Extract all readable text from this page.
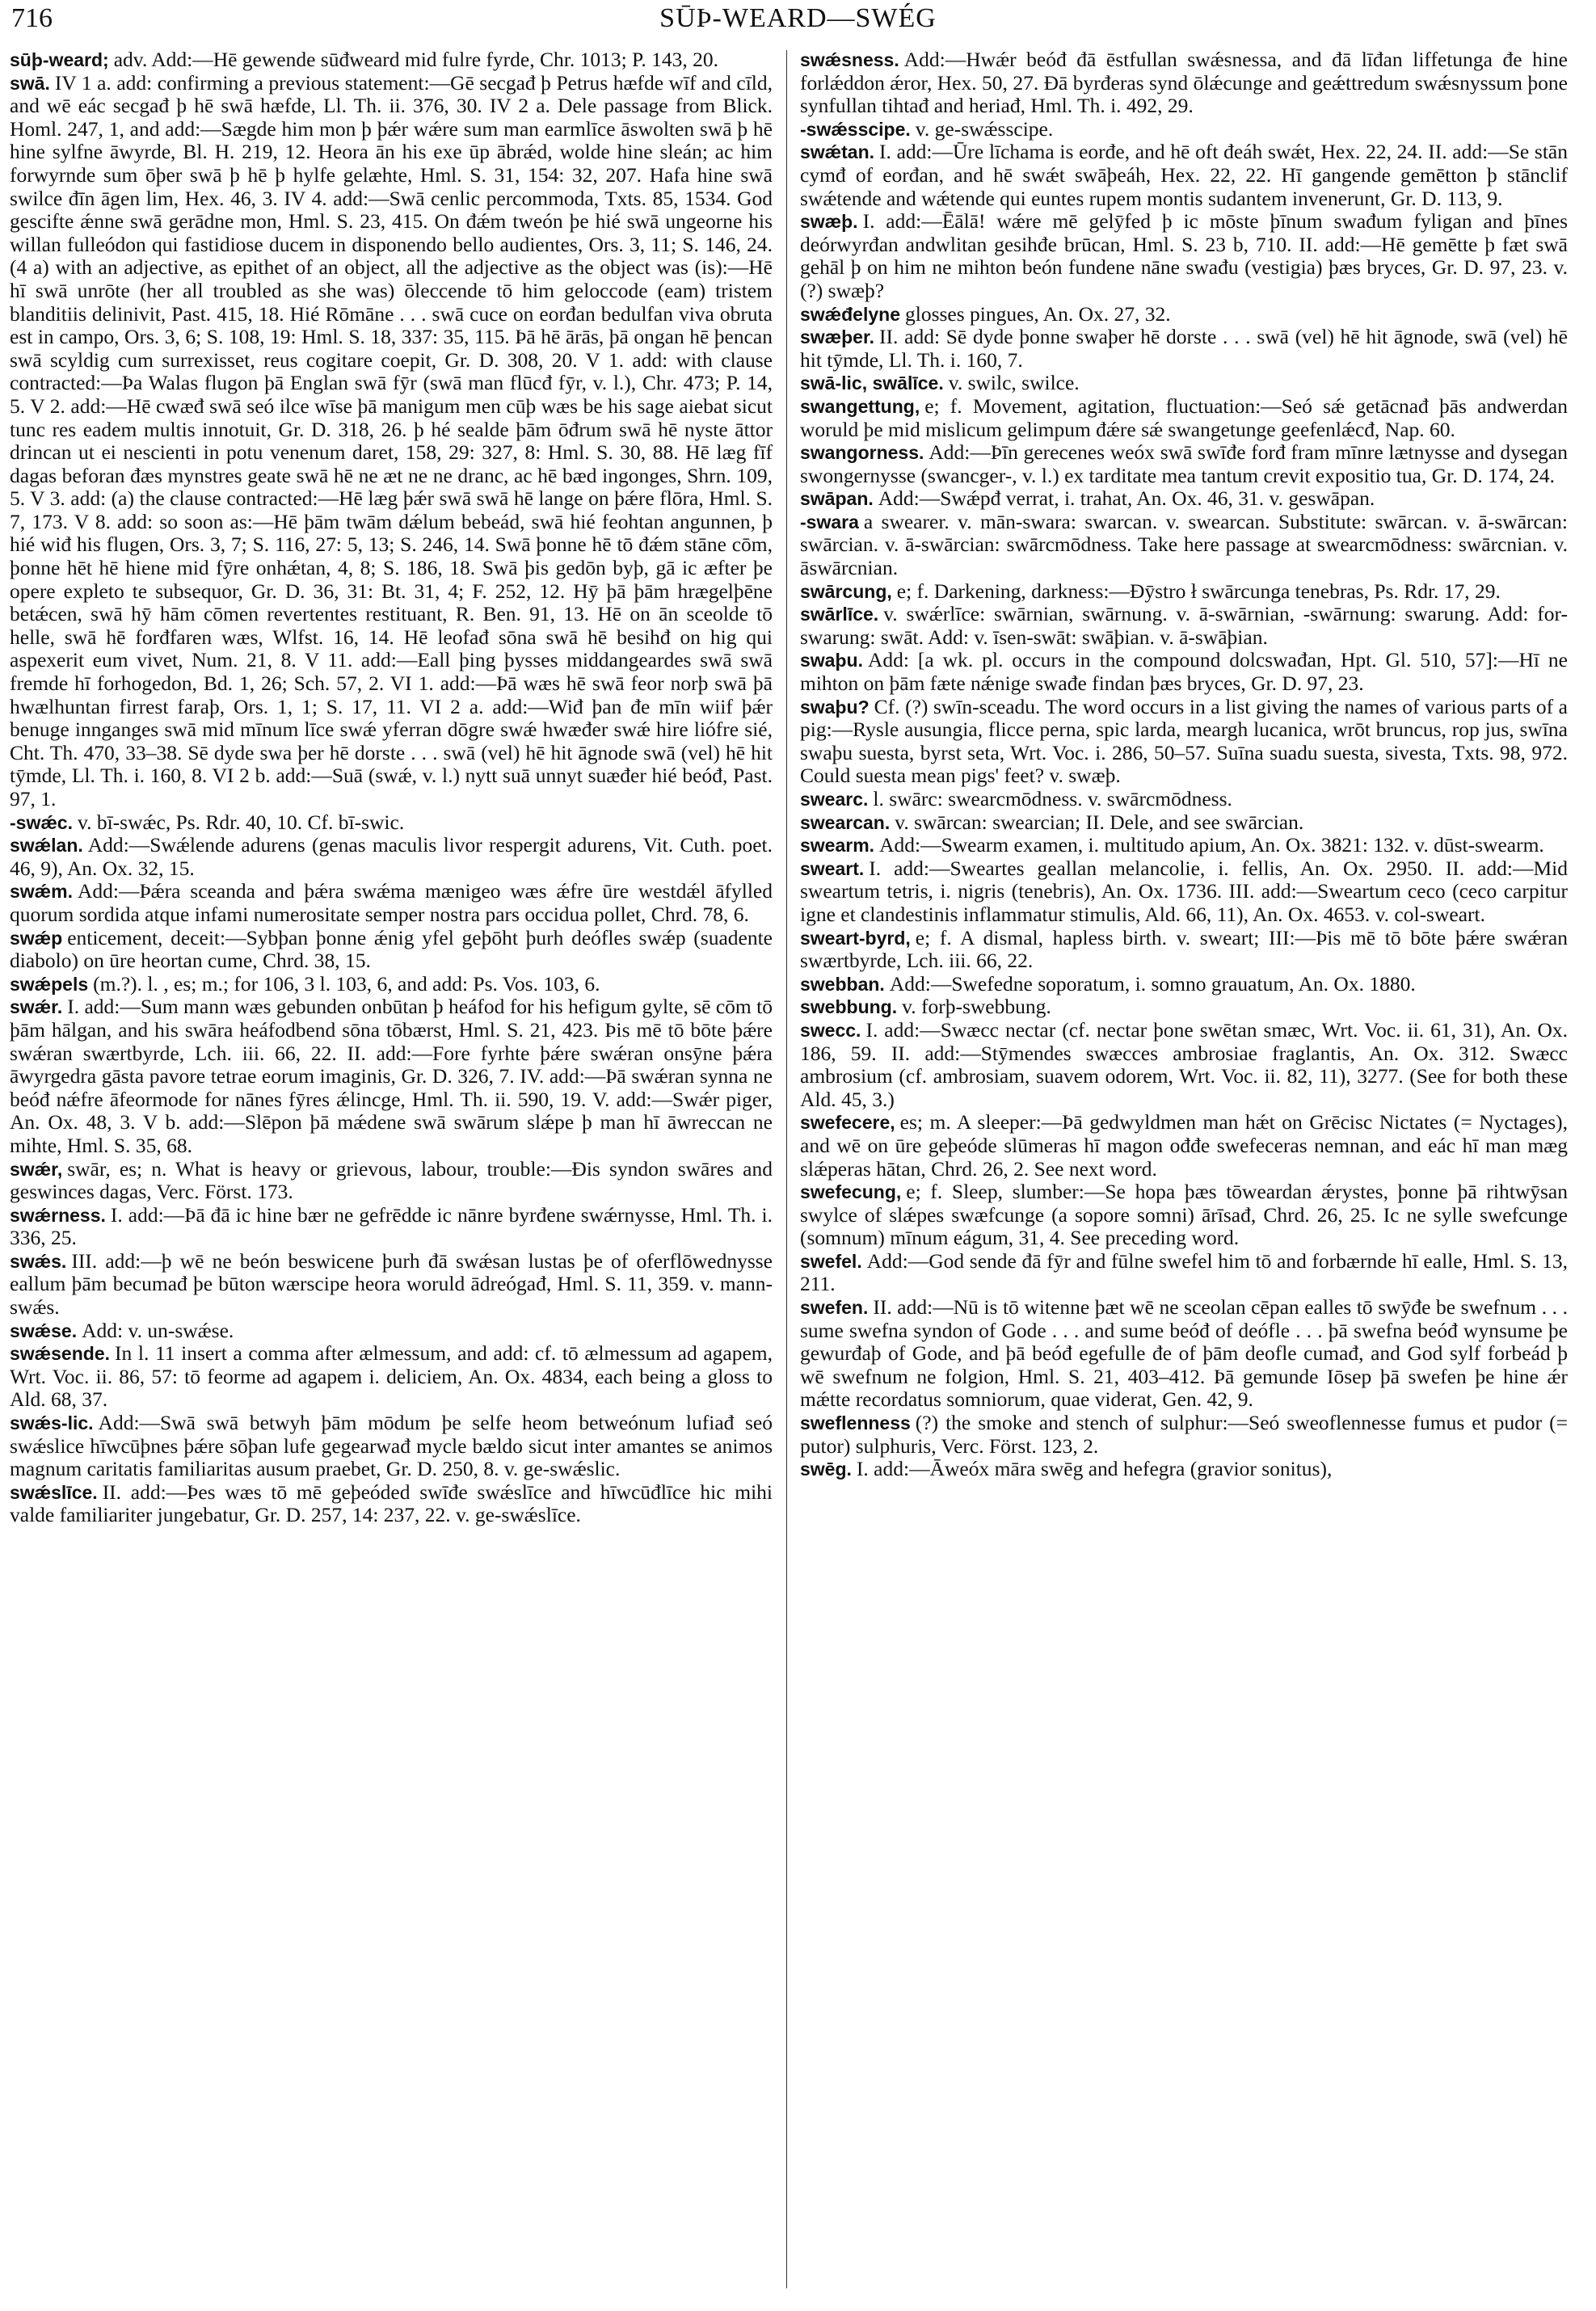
716	SŪÞ-WEARD—SWÉG

sūþ-weard; adv. Add:—Hē gewende sūđweard mid fulre fyrde, Chr. 1013; P. 143, 20.

swā. IV 1 a. add: confirming a previous statement:—Gē secgađ þ Petrus hæfde wīf and cīld, and wē eác secgađ þ hē swā hæfde, Ll. Th. ii. 376, 30. IV 2 a. Dele passage from Blick. Homl. 247, 1, and add:—Sægde him mon þ þǽr wǽre sum man earmlīce āswolten swā þ hē hine sylfne āwyrde, Bl. H. 219, 12. Heora ān his exe ūp ābrǽd, wolde hine sleán; ac him forwyrnde sum ōþer swā þ hē þ hylfe gelæhte, Hml. S. 31, 154: 32, 207. Hafa hine swā swilce đīn āgen lim, Hex. 46, 3. IV 4. add:—Swā cenlic percommoda, Txts. 85, 1534. God gescifte ǽnne swā gerādne mon, Hml. S. 23, 415. On đǽm tweón þe hié swā ungeorne his willan fulleódon qui fastidiose ducem in disponendo bello audientes, Ors. 3, 11; S. 146, 24. (4 a) with an adjective, as epithet of an object, all the adjective as the object was (is):—Hē hī swā unrōte (her all troubled as she was) ōleccende tō him geloccode (eam) tristem blanditiis delinivit, Past. 415, 18. Hié Rōmāne . . . swā cuce on eorđan bedulfan viva obruta est in campo, Ors. 3, 6; S. 108, 19: Hml. S. 18, 337: 35, 115. Þā hē ārās, þā ongan hē þencan swā scyldig cum surrexisset, reus cogitare coepit, Gr. D. 308, 20. V 1. add: with clause contracted:—Þa Walas flugon þā Englan swā fȳr (swā man flūcđ fȳr, v. l.), Chr. 473; P. 14, 5. V 2. add:—Hē cwæđ swā seó ilce wīse þā manigum men cūþ wæs be his sage aiebat sicut tunc res eadem multis innotuit, Gr. D. 318, 26. þ hé sealde þām ōđrum swā hē nyste āttor drincan ut ei nescienti in potu venenum daret, 158, 29: 327, 8: Hml. S. 30, 88. Hē læg fīf dagas beforan đæs mynstres geate swā hē ne æt ne ne dranc, ac hē bæd ingonges, Shrn. 109, 5. V 3. add: (a) the clause contracted:—Hē læg þǽr swā swā hē lange on þǽre flōra, Hml. S. 7, 173. V 8. add: so soon as:—Hē þām twām dǽlum bebeád, swā hié feohtan angunnen, þ hié wiđ his flugen, Ors. 3, 7; S. 116, 27: 5, 13; S. 246, 14. Swā þonne hē tō đǽm stāne cōm, þonne hēt hē hiene mid fȳre onhǽtan, 4, 8; S. 186, 18. Swā þis gedōn byþ, gā ic æfter þe opere expleto te subsequor, Gr. D. 36, 31: Bt. 31, 4; F. 252, 12. Hȳ þā þām hrægelþēne betǽcen, swā hȳ hām cōmen revertentes restituant, R. Ben. 91, 13. Hē on ān sceolde tō helle, swā hē forđfaren wæs, Wlfst. 16, 14. Hē leofađ sōna swā hē besihđ on hig qui aspexerit eum vivet, Num. 21, 8. V 11. add:—Eall þing þysses middangeardes swā swā fremde hī forhogedon, Bd. 1, 26; Sch. 57, 2. VI 1. add:—Þā wæs hē swā feor norþ swā þā hwælhuntan firrest faraþ, Ors. 1, 1; S. 17, 11. VI 2 a. add:—Wiđ þan đe mīn wiif þǽr benuge innganges swā mid mīnum līce swǽ yferran dōgre swǽ hwæđer swǽ hire liófre sié, Cht. Th. 470, 33–38. Sē dyde swa þer hē dorste . . . swā (vel) hē hit āgnode swā (vel) hē hit tȳmde, Ll. Th. i. 160, 8. VI 2 b. add:—Suā (swǽ, v. l.) nytt suā unnyt suæđer hié beóđ, Past. 97, 1.

-swǽc. v. bī-swǽc, Ps. Rdr. 40, 10. Cf. bī-swic.

swǽlan. Add:—Swǽlende adurens (genas maculis livor respergit adurens, Vit. Cuth. poet. 46, 9), An. Ox. 32, 15.

swǽm. Add:—Þǽra sceanda and þǽra swǽma mænigeo wæs ǽfre ūre westdǽl āfylled quorum sordida atque infami numerositate semper nostra pars occidua pollet, Chrd. 78, 6.

swǽp enticement, deceit:—Sybþan þonne ǽnig yfel geþōht þurh deófles swǽp (suadente diabolo) on ūre heortan cume, Chrd. 38, 15.

swǽpels (m.?). l. , es; m.; for 106, 3 l. 103, 6, and add: Ps. Vos. 103, 6.

swǽr. I. add:—Sum mann wæs gebunden onbūtan þ heáfod for his hefigum gylte, sē cōm tō þām hālgan, and his swāra heáfodbend sōna tōbærst, Hml. S. 21, 423. Þis mē tō bōte þǽre swǽran swærtbyrde, Lch. iii. 66, 22. II. add:—Fore fyrhte þǽre swǽran onsȳne þǽra āwyrgedra gāsta pavore tetrae eorum imaginis, Gr. D. 326, 7. IV. add:—Þā swǽran synna ne beóđ nǽfre āfeormode for nānes fȳres ǽlincge, Hml. Th. ii. 590, 19. V. add:—Swǽr piger, An. Ox. 48, 3. V b. add:—Slēpon þā mǽdene swā swārum slǽpe þ man hī āwreccan ne mihte, Hml. S. 35, 68.

swǽr, swār, es; n. What is heavy or grievous, labour, trouble:—Đis syndon swāres and geswinces dagas, Verc. Först. 173.

swǽrness. I. add:—Þā đā ic hine bær ne gefrēdde ic nānre byrđene swǽrnysse, Hml. Th. i. 336, 25.

swǽs. III. add:—þ wē ne beón beswicene þurh đā swǽsan lustas þe of oferflōwednysse eallum þām becumađ þe būton wærscipe heora woruld ādreógađ, Hml. S. 11, 359. v. mann-swǽs.

swǽse. Add: v. un-swǽse.

swǽsende. In l. 11 insert a comma after ælmessum, and add: cf. tō ælmessum ad agapem, Wrt. Voc. ii. 86, 57: tō feorme ad agapem i. deliciem, An. Ox. 4834, each being a gloss to Ald. 68, 37.

swǽs-lic. Add:—Swā swā betwyh þām mōdum þe selfe heom betweónum lufiađ seó swǽslice hīwcūþnes þǽre sōþan lufe gegearwađ mycle bældo sicut inter amantes se animos magnum caritatis familiaritas ausum praebet, Gr. D. 250, 8. v. ge-swǽslic.

swǽslīce. II. add:—Þes wæs tō mē geþeóded swīđe swǽslīce and hīwcūđlīce hic mihi valde familiariter jungebatur, Gr. D. 257, 14: 237, 22. v. ge-swǽslīce.

swǽsness. Add:—Hwǽr beóđ đā ēstfullan swǽsnessa, and đā līđan liffetunga đe hine forlǽddon ǽror, Hex. 50, 27. Đā byrđeras synd ōlǽcunge and geǽttredum swǽsnyssum þone synfullan tihtađ and heriađ, Hml. Th. i. 492, 29.

-swǽsscipe. v. ge-swǽsscipe.

swǽtan. I. add:—Ūre līchama is eorđe, and hē oft đeáh swǽt, Hex. 22, 24. II. add:—Se stān cymđ of eorđan, and hē swǽt swāþeáh, Hex. 22, 22. Hī gangende gemētton þ stānclif swǽtende and wǽtende qui euntes rupem montis sudantem invenerunt, Gr. D. 113, 9.

swæþ. I. add:—Ēālā! wǽre mē gelȳfed þ ic mōste þīnum swađum fyligan and þīnes deórwyrđan andwlitan gesihđe brūcan, Hml. S. 23 b, 710. II. add:—Hē gemētte þ fæt swā gehāl þ on him ne mihton beón fundene nāne swađu (vestigia) þæs bryces, Gr. D. 97, 23. v. (?) swæþ?

swǽđelyne glosses pingues, An. Ox. 27, 32.

swæþer. II. add: Sē dyde þonne swaþer hē dorste . . . swā (vel) hē hit āgnode, swā (vel) hē hit tȳmde, Ll. Th. i. 160, 7.

swā-lic, swālīce. v. swilc, swilce.

swangettung, e; f. Movement, agitation, fluctuation:—Seó sǽ getācnađ þās andwerdan woruld þe mid mislicum gelimpum đǽre sǽ swangetunge geefenlǽcđ, Nap. 60.

swangorness. Add:—Þīn gerecenes weóx swā swīđe forđ fram mīnre lætnysse and dysegan swongernysse (swancger-, v. l.) ex tarditate mea tantum crevit expositio tua, Gr. D. 174, 24.

swāpan. Add:—Swǽpđ verrat, i. trahat, An. Ox. 46, 31. v. geswāpan.

-swara a swearer. v. mān-swara: swarcan. v. swearcan. Substitute: swārcan. v. ā-swārcan: swārcian. v. ā-swārcian: swārcmōdness. Take here passage at swearcmōdness: swārcnian. v. āswārcnian.

swārcung, e; f. Darkening, darkness:—Đȳstro ł swārcunga tenebras, Ps. Rdr. 17, 29.

swārlīce. v. swǽrlīce: swārnian, swārnung. v. ā-swārnian, -swārnung: swarung. Add: for-swarung: swāt. Add: v. īsen-swāt: swāþian. v. ā-swāþian.

swaþu. Add: [a wk. pl. occurs in the compound dolcswađan, Hpt. Gl. 510, 57]:—Hī ne mihton on þām fæte nǽnige swađe findan þæs bryces, Gr. D. 97, 23.

swaþu? Cf. (?) swīn-sceadu. The word occurs in a list giving the names of various parts of a pig:—Rysle ausungia, flicce perna, spic larda, meargh lucanica, wrōt bruncus, rop jus, swīna swaþu suesta, byrst seta, Wrt. Voc. i. 286, 50–57. Suīna suadu suesta, sivesta, Txts. 98, 972. Could suesta mean pigs' feet? v. swæþ.

swearc. l. swārc: swearcmōdness. v. swārcmōdness.

swearcan. v. swārcan: swearcian; II. Dele, and see swārcian.

swearm. Add:—Swearm examen, i. multitudo apium, An. Ox. 3821: 132. v. dūst-swearm.

sweart. I. add:—Sweartes geallan melancolie, i. fellis, An. Ox. 2950. II. add:—Mid sweartum tetris, i. nigris (tenebris), An. Ox. 1736. III. add:—Sweartum ceco (ceco carpitur igne et clandestinis inflammatur stimulis, Ald. 66, 11), An. Ox. 4653. v. col-sweart.

sweart-byrd, e; f. A dismal, hapless birth. v. sweart; III:—Þis mē tō bōte þǽre swǽran swærtbyrde, Lch. iii. 66, 22.

swebban. Add:—Swefedne soporatum, i. somno grauatum, An. Ox. 1880.

swebbung. v. forþ-swebbung.

swecc. I. add:—Swæcc nectar (cf. nectar þone swētan smæc, Wrt. Voc. ii. 61, 31), An. Ox. 186, 59. II. add:—Stȳmendes swæcces ambrosiae fraglantis, An. Ox. 312. Swæcc ambrosium (cf. ambrosiam, suavem odorem, Wrt. Voc. ii. 82, 11), 3277. (See for both these Ald. 45, 3.)

swefecere, es; m. A sleeper:—Þā gedwyldmen man hǽt on Grēcisc Nictates (= Nyctages), and wē on ūre geþeóde slūmeras hī magon ođđe swefeceras nemnan, and eác hī man mæg slǽperas hātan, Chrd. 26, 2. See next word.

swefecung, e; f. Sleep, slumber:—Se hopa þæs tōweardan ǽrystes, þonne þā rihtwȳsan swylce of slǽpes swæfcunge (a sopore somni) ārīsađ, Chrd. 26, 25. Ic ne sylle swefcunge (somnum) mīnum eágum, 31, 4. See preceding word.

swefel. Add:—God sende đā fȳr and fūlne swefel him tō and forbærnde hī ealle, Hml. S. 13, 211.

swefen. II. add:—Nū is tō witenne þæt wē ne sceolan cēpan ealles tō swȳđe be swefnum . . . sume swefna syndon of Gode . . . and sume beóđ of deófle . . . þā swefna beóđ wynsume þe gewurđaþ of Gode, and þā beóđ egefulle đe of þām deofle cumađ, and God sylf forbeád þ wē swefnum ne folgion, Hml. S. 21, 403–412. Þā gemunde Iōsep þā swefen þe hine ǽr mǽtte recordatus somniorum, quae viderat, Gen. 42, 9.

sweflenness (?) the smoke and stench of sulphur:—Seó sweoflennesse fumus et pudor (= putor) sulphuris, Verc. Först. 123, 2.

swēg. I. add:—Āweóx māra swēg and hefegra (gravior sonitus),
